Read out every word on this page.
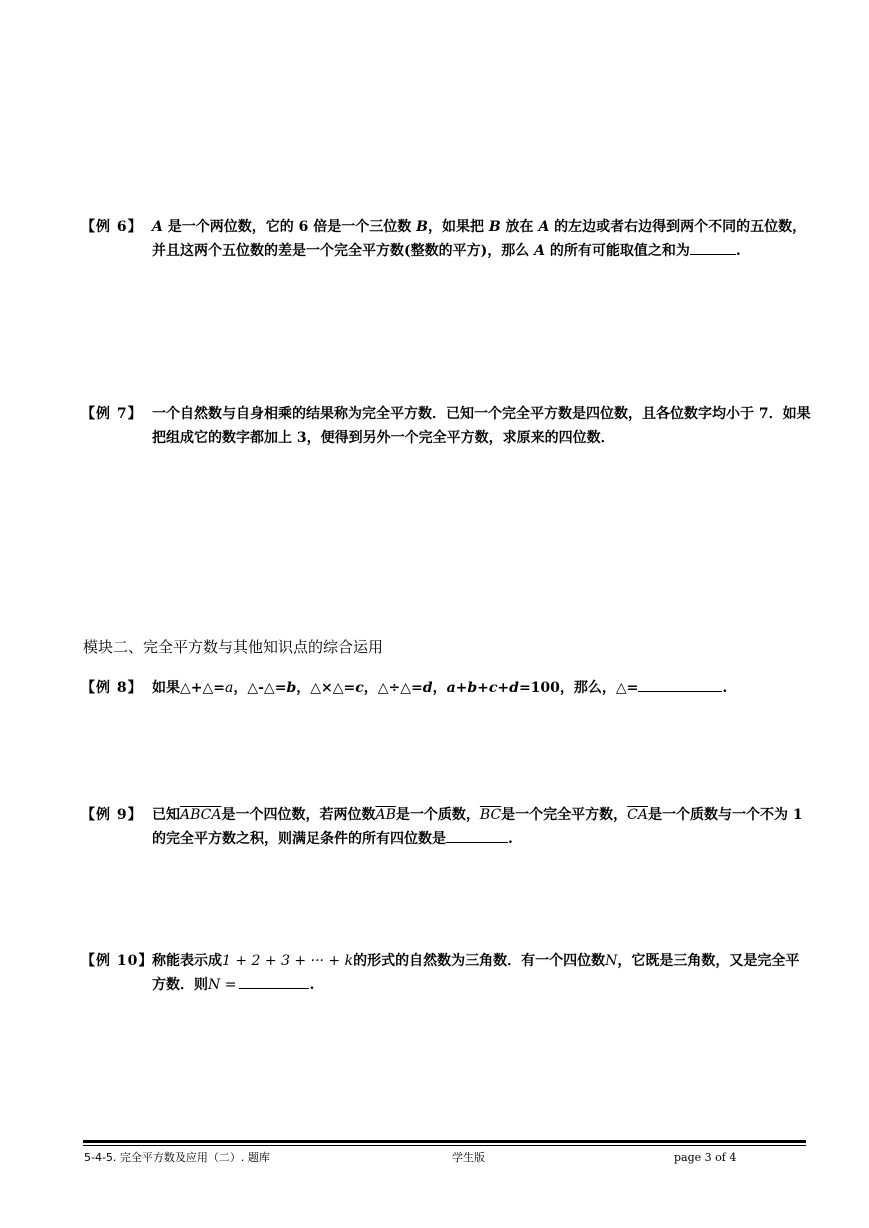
【例 6】 A 是一个两位数，它的 6 倍是一个三位数 B，如果把 B 放在 A 的左边或者右边得到两个不同的五位数，并且这两个五位数的差是一个完全平方数(整数的平方)，那么 A 的所有可能取值之和为	.
【例 7】 一个自然数与自身相乘的结果称为完全平方数．已知一个完全平方数是四位数，且各位数字均小于 7．如果把组成它的数字都加上 3，便得到另外一个完全平方数，求原来的四位数．
模块二、完全平方数与其他知识点的综合运用
【例 8】 如果△+△=a，△-△=b，△×△=c，△÷△=d，a+b+c+d=100，那么，△=	.
【例 9】 已知ABCA是一个四位数，若两位数$\overline{AB}$是一个质数，$\overline{BC}$是一个完全平方数，$\overline{CA}$是一个质数与一个不为 1 的完全平方数之积，则满足条件的所有四位数是	.
【例 10】
称能表示成1 + 2 + 3 + ··· + k的形式的自然数为三角数．有一个四位数N，它既是三角数，又是完全平方数．则N =	.
5-4-5. 完全平方数及应用（二）. 题库	学生版	page 3 of 4
